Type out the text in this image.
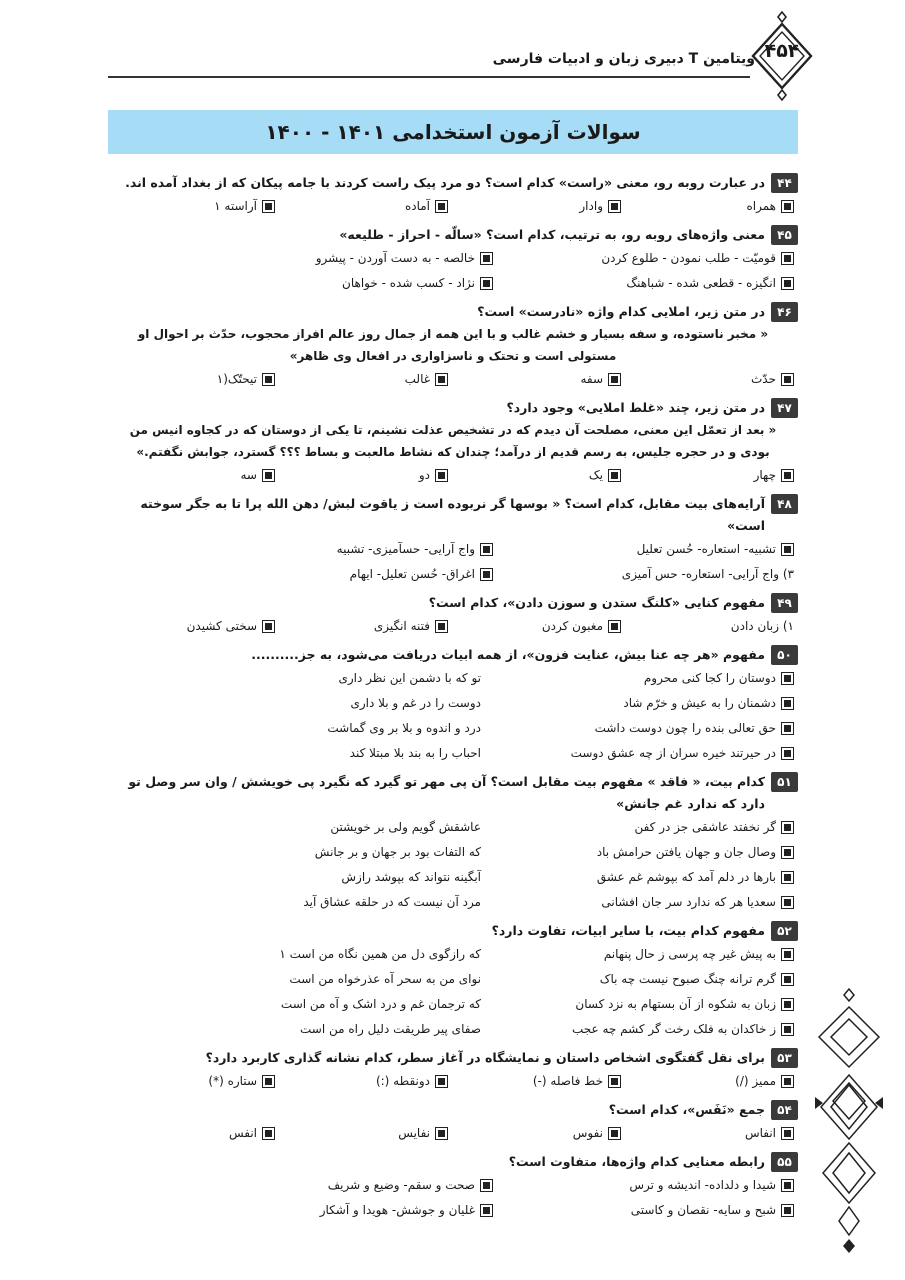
ویتامین T دبیری زبان و ادبیات فارسی ۴۵۴
سوالات آزمون استخدامی ۱۴۰۱ - ۱۴۰۰
۴۴
در عبارت روبه رو، معنی «راست» کدام است؟ دو مرد پیک راست کردند با جامه پیکان که از بغداد آمده اند.
همراه
وادار
آماده
آراسته ۱
۴۵
معنی واژه‌های روبه رو، به ترتیب، کدام است؟ «سالّه - احراز - طلیعه»
قومیّت - طلب نمودن - طلوع کردن
خالصه - به دست آوردن - پیشرو
انگیزه - قطعی شده - شباهنگ
نژاد - کسب شده - خواهان
۴۶
در متن زیر، املایی کدام واژه «نادرست» است؟
« مخبر ناستوده، و سفه بسیار و خشم غالب و با این همه از جمال روز عالم افراز محجوب، حدّث بر احوال او مستولی است و تحتک و ناسزاواری در افعال وی ظاهر»
حدّث
سفه
غالب
تیحتّک(۱
۴۷
در متن زیر، چند «غلط املایی» وجود دارد؟
« بعد از تعمّل این معنی، مصلحت آن دیدم که در تشخیص عذلت نشینم، تا یکی از دوستان که در کجاوه انیس من بودی و در حجره جلیس، به رسم قدیم از درآمد؛ چندان که نشاط مالعبت و بساط ؟؟؟ گسترد، جوابش نگفتم.»
چهار
یک
دو
سه
۴۸
آرایه‌های بیت مقابل، کدام است؟ « بوسها گر نربوده است ز یاقوت لبش/ دهن الله پرا تا به جگر سوخته است»
تشبیه- استعاره- حُسن تعلیل
واج آرایی- حسآمیزی- تشبیه
۳) واج آرایی- استعاره- حس آمیزی
اغراق- حُسن تعلیل- ایهام
۴۹
مفهوم کنایی «کلنگ ستدن و سوزن دادن»، کدام است؟
۱) زبان دادن
مغبون کردن
فتنه انگیزی
سختی کشیدن
۵۰
مفهوم «هر چه عنا بیش، عنایت فزون»، از همه ابیات دریافت می‌شود، به جز..........
دوستان را کجا کنی محروم
تو که با دشمن این نظر داری
دشمنان را به عیش و خرّم شاد
دوست را در غم و بلا داری
حق تعالی بنده را چون دوست داشت
درد و اندوه و بلا بر وی گماشت
در حیرتند خیره سران از چه عشق دوست
احباب را به بند بلا مبتلا کند
۵۱
کدام بیت، « فاقد » مفهوم بیت مقابل است؟ آن پی مهر تو گیرد که نگیرد پی خویشش / وان سر وصل تو دارد که ندارد غم جانش»
گر نخفتد عاشقی جز در کفن
عاشقش گویم ولی بر خویشتن
وصال جان و جهان یافتن حرامش باد
که التفات بود بر جهان و بر جانش
بارها در دلم آمد که بپوشم غم عشق
آبگینه نتواند که بپوشد رازش
سعدیا هر که ندارد سر جان افشانی
مرد آن نیست که در حلقه عشاق آید
۵۲
مفهوم کدام بیت، با سایر ابیات، تفاوت دارد؟
به پیش غیر چه پرسی ز حال پنهانم
که رازگوی دل من همین نگاه من است ۱
گرم ترانه چنگ صبوح نیست چه باک
نوای من به سحر آه عذرخواه من است
زبان به شکوه از آن بستهام به نزد کسان
که ترجمان غم و درد اشک و آه من است
ز خاکدان به فلک رخت گر کشم چه عجب
صفای پیر طریقت دلیل راه من است
۵۳
برای نقل گفتگوی اشخاص داستان و نمایشگاه در آغاز سطر، کدام نشانه گذاری کاربرد دارد؟
ممیز (/)
خط فاصله (-)
دونقطه (:)
ستاره (*)
۵۴
جمع «نَفَس»، کدام است؟
انفاس
نفوس
نفایس
انفس
۵۵
رابطه معنایی کدام واژه‌ها، متفاوت است؟
شیدا و دلداده- اندیشه و ترس
صحت و سقم- وضیع و شریف
شبح و سایه- نقصان و کاستی
غلیان و جوشش- هویدا و آشکار
